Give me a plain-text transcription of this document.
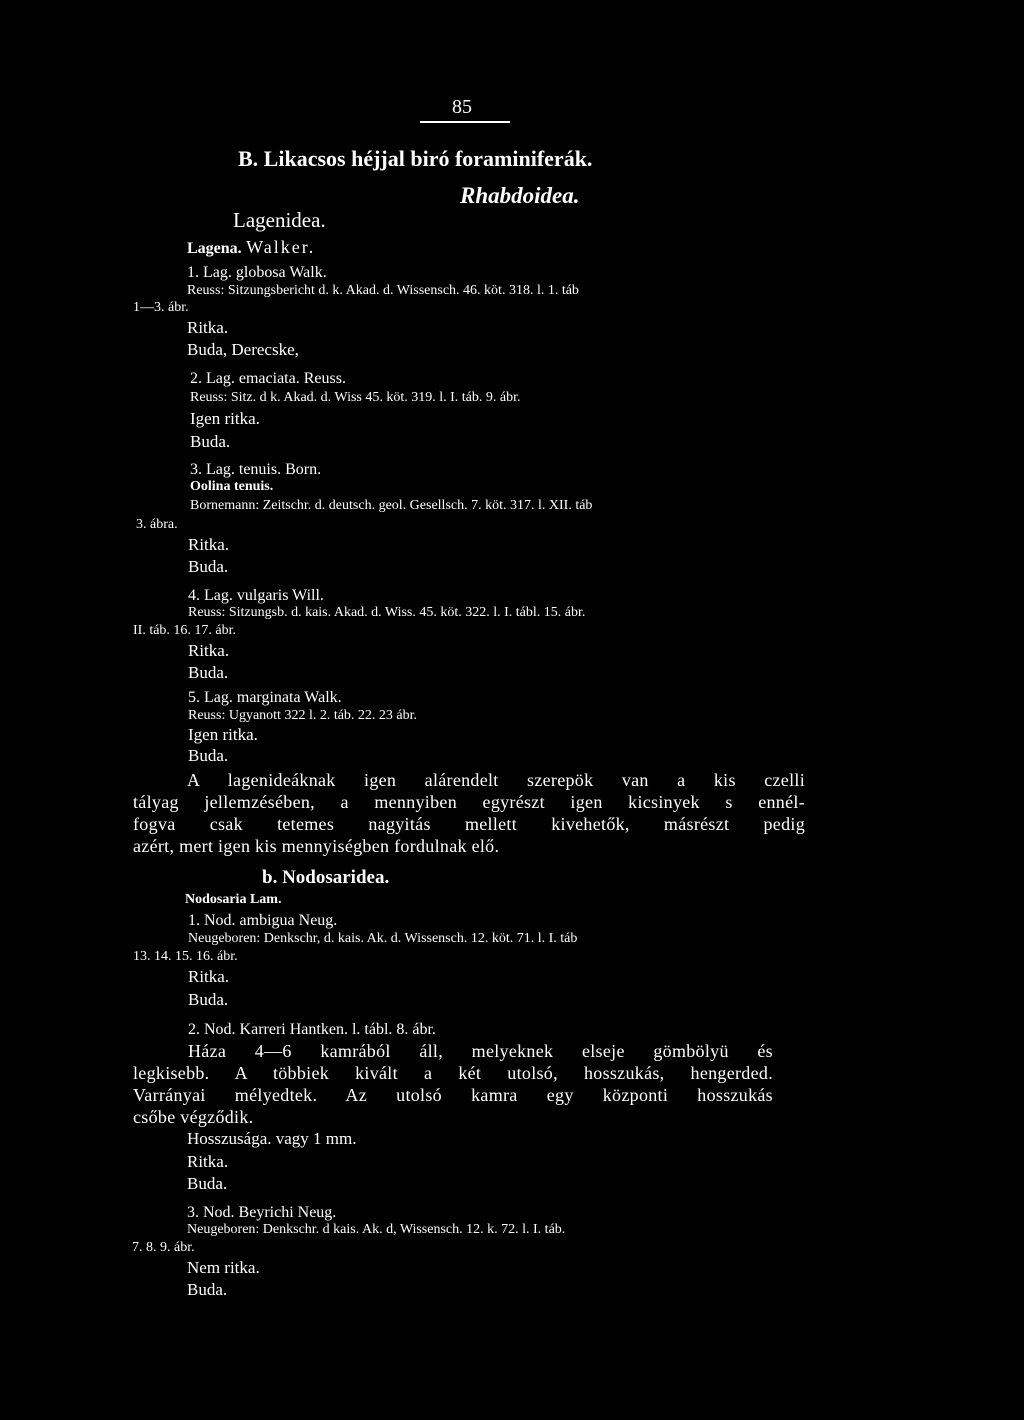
85
B. Likacsos héjjal biró foraminiferák.
Rhabdoidea.
Lagenidea.
Lagena. Walker.
1. Lag. globosa Walk.
Reuss: Sitzungsbericht d. k. Akad. d. Wissensch. 46. köt. 318. l. 1. táb
1—3. ábr.
Ritka.
Buda, Derecske,
2. Lag. emaciata. Reuss.
Reuss: Sitz. d k. Akad. d. Wiss 45. köt. 319. l. I. táb. 9. ábr.
Igen ritka.
Buda.
3. Lag. tenuis. Born.
Oolina tenuis.
Bornemann: Zeitschr. d. deutsch. geol. Gesellsch. 7. köt. 317. l. XII. táb
3. ábra.
Ritka.
Buda.
4. Lag. vulgaris Will.
Reuss: Sitzungsb. d. kais. Akad. d. Wiss. 45. köt. 322. l. I. tábl. 15. ábr.
II. táb. 16. 17. ábr.
Ritka.
Buda.
5. Lag. marginata Walk.
Reuss: Ugyanott 322 l. 2. táb. 22. 23 ábr.
Igen ritka.
Buda.
A lagenideáknak igen alárendelt szerepök van a kis czelli
tályag jellemzésében, a mennyiben egyrészt igen kicsinyek s ennél-
fogva csak tetemes nagyitás mellett kivehetők, másrészt pedig
azért, mert igen kis mennyiségben fordulnak elő.
b. Nodosaridea.
Nodosaria Lam.
1. Nod. ambigua Neug.
Neugeboren: Denkschr, d. kais. Ak. d. Wissensch. 12. köt. 71. l. I. táb
13. 14. 15. 16. ábr.
Ritka.
Buda.
2. Nod. Karreri Hantken. l. tábl. 8. ábr.
Háza 4—6 kamrából áll, melyeknek elseje gömbölyü és
legkisebb. A többiek kivált a két utolsó, hosszukás, hengerded.
Varrányai mélyedtek. Az utolsó kamra egy központi hosszukás
csőbe végződik.
Hosszusága. vagy 1 mm.
Ritka.
Buda.
3. Nod. Beyrichi Neug.
Neugeboren: Denkschr. d kais. Ak. d, Wissensch. 12. k. 72. l. I. táb.
7. 8. 9. ábr.
Nem ritka.
Buda.
